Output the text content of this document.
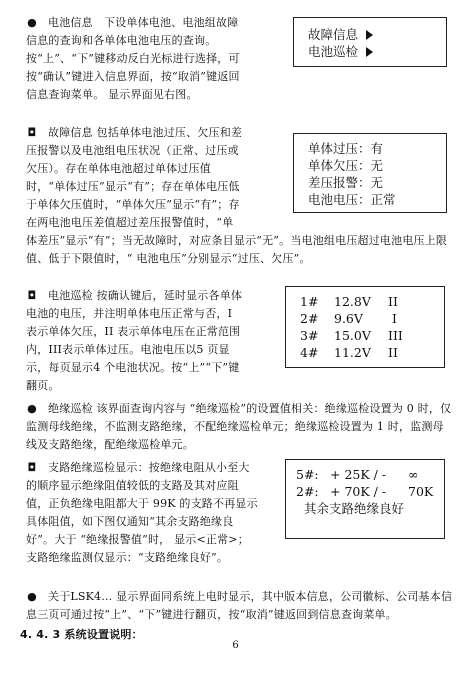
● 电池信息　下设单体电池、电池组故障信息的查询和各单体电池电压的查询。按“上”、“下”键移动反白光标进行选择，可按“确认”键进入信息界面，按“取消”键返回信息查询菜单。 显示界面见右图。
故障信息
电池巡检
◘ 故障信息 包括单体电池过压、欠压和差压报警以及电池组电压状况（正常、过压或欠压）。存在单体电池超过单体过压值时，“单体过压”显示“有”；存在单体电压低于单体欠压值时，“单体欠压”显示“有”；存在两电池电压差值超过差压报警值时，“单体差压”显示“有”；当无故障时，对应条目显示“无”。当电池组电压超过电池电压上限值、低于下限值时，“ 电池电压”分别显示“过压、欠压”。
单体过压： 有
单体欠压： 无
差压报警： 无
电池电压： 正常
◘ 电池巡检 按确认键后，延时显示各单体电池的电压，并注明单体电压正常与否，I 表示单体欠压，II 表示单体电压在正常范围内，III表示单体过压。电池电压以5 页显示，每页显示4 个电池状况。按“上”“下”键翻页。
1#	12.8V	II
2#	9.6V	I
3#	15.0V	III
4#	11.2V	II
● 绝缘巡检 该界面查询内容与 “绝缘巡检”的设置值相关：绝缘巡检设置为 0 时，仅监测母线绝缘，不监测支路绝缘，不配绝缘巡检单元；绝缘巡检设置为 1 时，监测母线及支路绝缘，配绝缘巡检单元。
◘ 支路绝缘巡检显示：按绝缘电阻从小至大的顺序显示绝缘阻值较低的支路及其对应阻值，正负绝缘电阻都大于 99K 的支路不再显示具体阻值，如下图仅通知“其余支路绝缘良好”。大于 “绝缘报警值”时， 显示<正常>；支路绝缘监测仅显示：“支路绝缘良好”。
5#: + 25K / -	∞
2#: + 70K / -	70K
其余支路绝缘良好
● 关于LSK4… 显示界面同系统上电时显示，其中版本信息，公司徽标、公司基本信息三页可通过按“上”、“下”键进行翻页，按“取消”键返回到信息查询菜单。
4. 4. 3 系统设置说明：
6
